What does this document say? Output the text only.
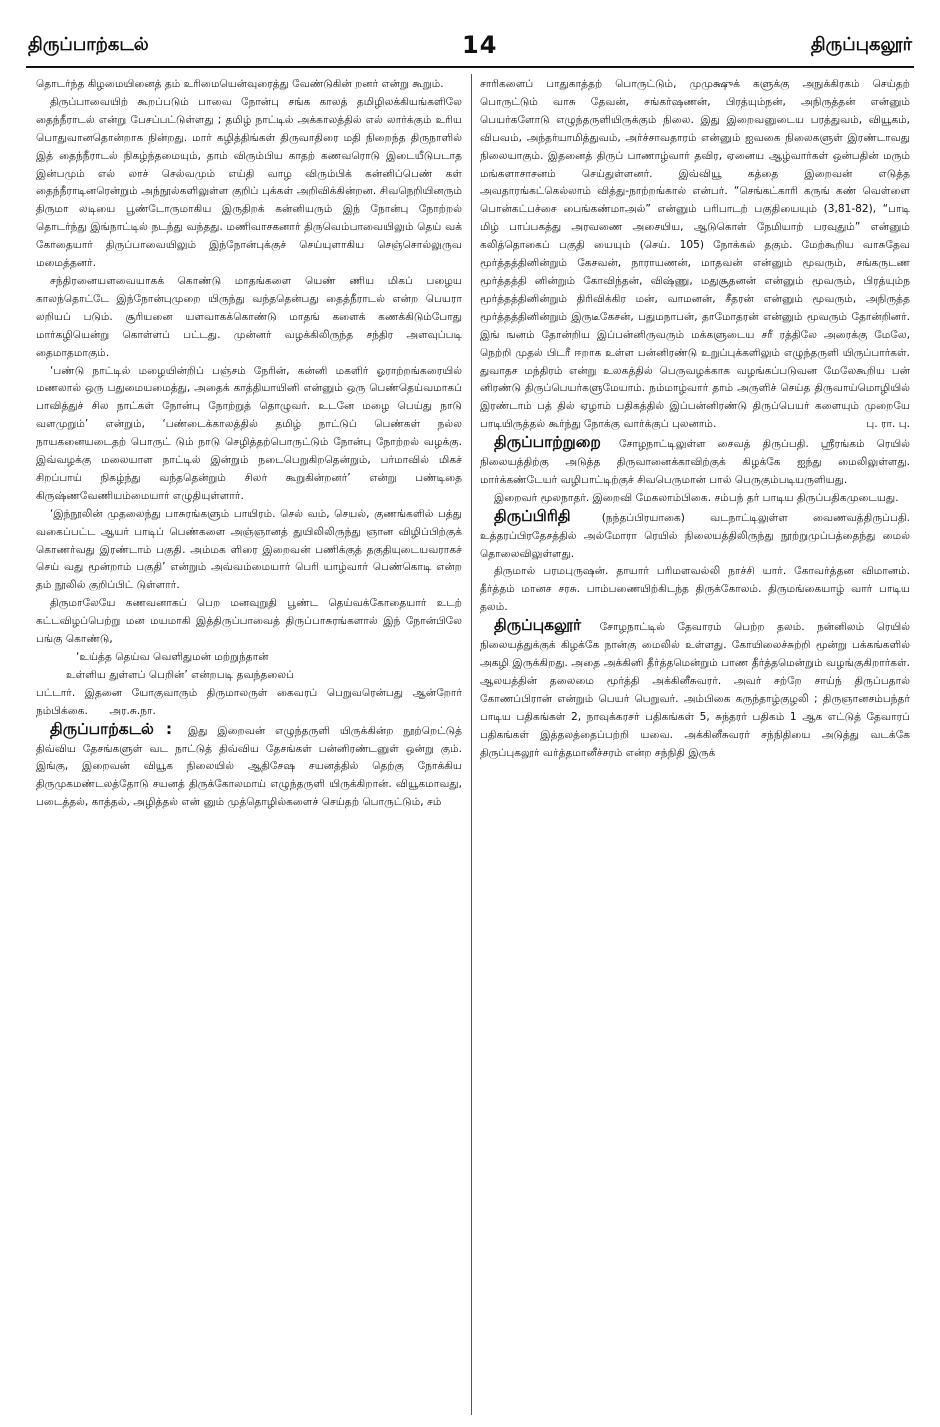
திருப்பாற்கடல்	14	திருப்புகலூர்

தொடர்ந்த கிழமையினைத் தம் உரிமையென்வுரைத்து வேண்டுகின் றனர் என்று கூறும்.

திருப்பாவையிற் கூறப்படும் பாவை நோன்பு சங்க காலத் தமிழிலக்கியங்களிலே தைந்நீராடல் என்று பேசப்பட்டுள்ளது ; தமிழ் நாட்டில் அக்காலத்தில் எல் லார்க்கும் உரிய பொதுவானதொன்றாக நின்றது. மார் கழித்திங்கள் திருவாதிரை மதி நிறைந்த திருநாளில் இத் தைந்நீராடல் நிகழ்ந்தமையும், தாம் விரும்பிய காதற் கணவரொடு இடையீடுபடாத இன்பமும் எல் லாச் செல்வமும் எய்தி வாழ விரும்பிக் கன்னிப்பெண் கள் தைந்நீராடினரென்றும் அந்நூல்களிலுள்ள குறிப் புக்கள் அறிவிக்கின்றன. சிவநெறியினரும் திருமா லடியை பூண்டோருமாகிய இருதிறக் கன்னியரும் இந் நோன்பு நோற்றல் தொடர்ந்து இங்நாட்டில் நடந்து வந்தது. மணிவாசகனார் திருவெம்பாவையிலும் தெய் வக் கோதையார் திருப்பாவையிலும் இந்நோன்புக்குச் செய்யுளாகிய செஞ்சொல்லுருவ மமைத்தனர்.

சந்திரனையளவையாகக் கொண்டு மாதங்களை யெண் ணிய மிகப் பழைய காலந்தொட்டே இந்நோன்புமுறை யிருந்து வந்ததென்பது தைத்நீராடல் என்ற பெயரா லறியப் படும். சூரியனை யளவாகக்கொண்டு மாதங் களைக் கணக்கிடும்போது மார்கழியென்று கொள்ளப் பட்டது. முன்னர் வழக்கிலிருந்த சந்திர அளவுப்படி தைமாதமாகும்.

‘பண்டு நாட்டில் மழையின்றிப் பஞ்சம் நேரின், கன்னி மகளிர் ஓராற்றங்கரையில் மணலால் ஒரு பதுமையமைத்து, அதைக் காத்தியாயினி என்னும் ஒரு பெண்தெய்வமாகப் பாவித்துச் சில நாட்கள் நோன்பு நோற்றுத் தொழுவர். உடனே மழை பெய்து நாடு வளமுறும்’ என்றும், ‘பண்டைக்காலத்தில் தமிழ் நாட்டுப் பெண்கள் நல்ல நாயகனையடைதற் பொருட் டும் நாடு செழித்தற்பொருட்டும் நோன்பு நோற்றல் வழக்கு. இவ்வழக்கு மலையாள நாட்டில் இன்றும் நடைபெறுகிறதென்றும், பர்மாவில் மிகச் சிறப்பாய் நிகழ்ந்து வந்ததென்றும் சிலர் கூறுகின்றனர்’ என்று பண்டிதை கிருஷ்ணவேணியம்மையார் எழுதியுள்ளார்.

‘இந்நூலின் முதலைந்து பாசுரங்களும் பாயிரம். செல் வம், செயல், குணங்களில் பத்து வகைப்பட்ட ஆயர் பாடிப் பெண்களை அஞ்ஞானத் துயிலிலிருந்து ஞான விழிப்பிற்குக் கொணர்வது இரண்டாம் பகுதி. அம்மக ளிரை இறைவன் பணிக்குத் தகுதியுடையவராகச் செய் வது மூன்றாம் பகுதி’ என்றும் அவ்வம்மையார் பெரி யாழ்வார் பெண்கொடி என்ற தம் நூலில் குறிப்பிட் டுள்ளார்.

திருமாலேயே கணவனாகப் பெற மனவுறுதி பூண்ட தெய்வக்கோதையார் உடற் கட்டவிழப்பெற்று மன மயமாகி இத்திருப்பாவைத் திருப்பாசுரங்களால் இந் நோன்பிலே பங்கு கொண்டு,

‘உய்த்த தெய்வ வெளிதுமன் மற்றுந்தான்

உள்ளிய துள்ளப் பெறின்’ என்றபடி தவந்தலைப்

பட்டார். இதனை யோகுவாரும் திருமாலருள் கைவரப் பெறுவரென்பது ஆன்றோர் நம்பிக்கை. அர.சு.நா.

திருப்பாற்கடல் : இது இறைவன் எழுந்தருளி யிருக்கின்ற நூற்றெட்டுத் திவ்விய தேசங்களுள் வட நாட்டுத் திவ்விய தேசங்கள் பன்னிரண்டனுள் ஒன்று கும். இங்கு, இறைவன் வியூக நிலையில் ஆதிசேஷ சயனத்தில் தெற்கு நோக்கிய திருமுகமண்டலத்தோடு சயனத் திருக்கோலமாய் எழுந்தருளி யிருக்கிறான். வியூகமாவது, படைத்தல், காத்தல், அழித்தல் என் னும் முத்தொழில்களைச் செய்தற் பொருட்டும், சம்

சாரிகளைப் பாதுகாத்தற் பொருட்டும், முமுக்ஷுக் களுக்கு அநுக்கிரகம் செய்தற் பொருட்டும் வாசு தேவன், சங்கர்ஷணன், பிரத்யும்நன், அநிருத்தன் என்னும் பெயர்களோடு எழுந்தருளியிருக்கும் நிலை. இது இறைவனுடைய பரத்துவம், வியூகம், விபவம், அந்தர்யாமித்துவம், அர்ச்சாவதாரம் என்னும் ஐவகை நிலைகளுள் இரண்டாவது நிலையாகும். இதனைத் திருப் பாணாழ்வார் தவிர, ஏனைய ஆழ்வார்கள் ஒன்பதின் மரும் மங்களாசாசனம் செய்துள்ளனர். இவ்வியூ கத்தை இறைவன் எடுத்த அவதாரங்கட்கெல்லாம் வித்து-நாற்றங்கால் என்பர். “செங்கட்காரி கருங் கண் வெள்ளை பொன்கட்பச்சை பைங்கண்மாஅல்” என்னும் பரிபாடற் பகுதியையும் (3,81-82), “பாடி மிழ் பாப்பகத்து அரவணை அசையிய, ஆடுகொள் நேமியாற் பரவுதும்” என்னும் கலித்தொகைப் பகுதி யையும் (செய். 105) நோக்கல் தகும். மேற்கூறிய வாசுதேவ மூர்த்தத்தினின்றும் கேசவன், நாராயணன், மாதவன் என்னும் மூவரும், சங்கருடண மூர்த்தத்தி னின்றும் கோவிந்தன், விஷ்ணு, மதுசூதனன் என்னும் மூவரும், பிரத்யும்ந மூர்த்தத்தினின்றும் திரிவிக்கிர மன், வாமனன், சீதரன் என்னும் மூவரும், அநிருத்த மூர்த்தத்தினின்றும் இருடீகேசன், பதுமநாபன், தாமோதரன் என்னும் மூவரும் தோன்றினர். இங் ஙனம் தோன்றிய இப்பன்னிருவரும் மக்களுடைய சரீ ரத்திலே அரைக்கு மேலே, நெற்றி முதல் பிடரீ ஈறாக உள்ள பன்னிரண்டு உறுப்புக்களிலும் எழுந்தருளி யிருப்பார்கள். துவாதச மந்திரம் என்று உலகத்தில் பெருவழக்காக வழங்கப்படுவன மேலேகூறிய பன் னிரண்டு திருப்பெயர்களுமேயாம். நம்மாழ்வார் தாம் அருளிச் செய்த திருவாய்மொழியில் இரண்டாம் பத் தில் ஏழாம் பதிகத்தில் இப்பன்னிரண்டு திருப்பெயர் களையும் முறையே பாடியிருத்தல் கூர்ந்து நோக்கு வார்க்குப் புலனாம்.	பு. ரா. பு.

திருப்பாற்றுறை சோழநாட்டிலுள்ள சைவத் திருப்பதி. ஸ்ரீரங்கம் ரெயில் நிலையத்திற்கு அடுத்த திருவானைக்காவிற்குக் கிழக்கே ஐந்து மைலிலுள்ளது. மார்க்கண்டேயர் வழிபாட்டிற்குச் சிவபெருமான் பால் பெருகும்படியருளியது.

இறைவர் மூலநாதர். இறைவி மேகலாம்பிகை. சம்பந் தர் பாடிய திருப்பதிகமுடையது.

திருப்பிரிதி	(நந்தப்பிரயாகை) வடநாட்டிலுள்ள வைணவத்திருப்பதி. உத்தரப்பிரதேசத்தில் அல்மோரா ரெயில் நிலையத்திலிருந்து நூற்றுமுப்பத்தைந்து மைல் தொலைவிலுள்ளது.

திருமால் பரமபுருஷன். தாயார் பரிமளவல்லி நாச்சி யார். கோவர்த்தன விமானம். தீர்த்தம் மானச சரசு. பாம்பணையிற்கிடந்த திருக்கோலம். திருமங்கையாழ் வார் பாடிய தலம்.

திருப்புகலூர் சோழநாட்டில் தேவாரம் பெற்ற தலம். நன்னிலம் ரெயில் நிலையத்துக்குக் கிழக்கே நான்கு மைலில் உள்ளது. கோயிலைச்சுற்றி மூன்று பக்கங்களில் அகழி இருக்கிறது. அதை அக்கினி தீர்த்தமென்றும் பாண தீர்த்தமென்றும் வழங்குகிறார்கள். ஆலயத்தின் தலைமை மூர்த்தி அக்கினீசுவரர். அவர் சற்றே சாய்ந் திருப்பதால் கோணப்பிரான் என்றும் பெயர் பெறுவர். அம்பிகை கருந்தாழ்குழலி ; திருஞானசம்பந்தர் பாடிய பதிகங்கள் 2, நாவுக்கரசர் பதிகங்கள் 5, சுந்தரர் பதிகம் 1 ஆக எட்டுத் தேவாரப் பதிகங்கள் இத்தலத்தைப்பற்றி யவை. அக்கினீசுவரர் சந்நிதியை அடுத்து வடக்கே திருப்புகலூர் வர்த்தமானீச்சரம் என்ற சந்நிதி இருக்
